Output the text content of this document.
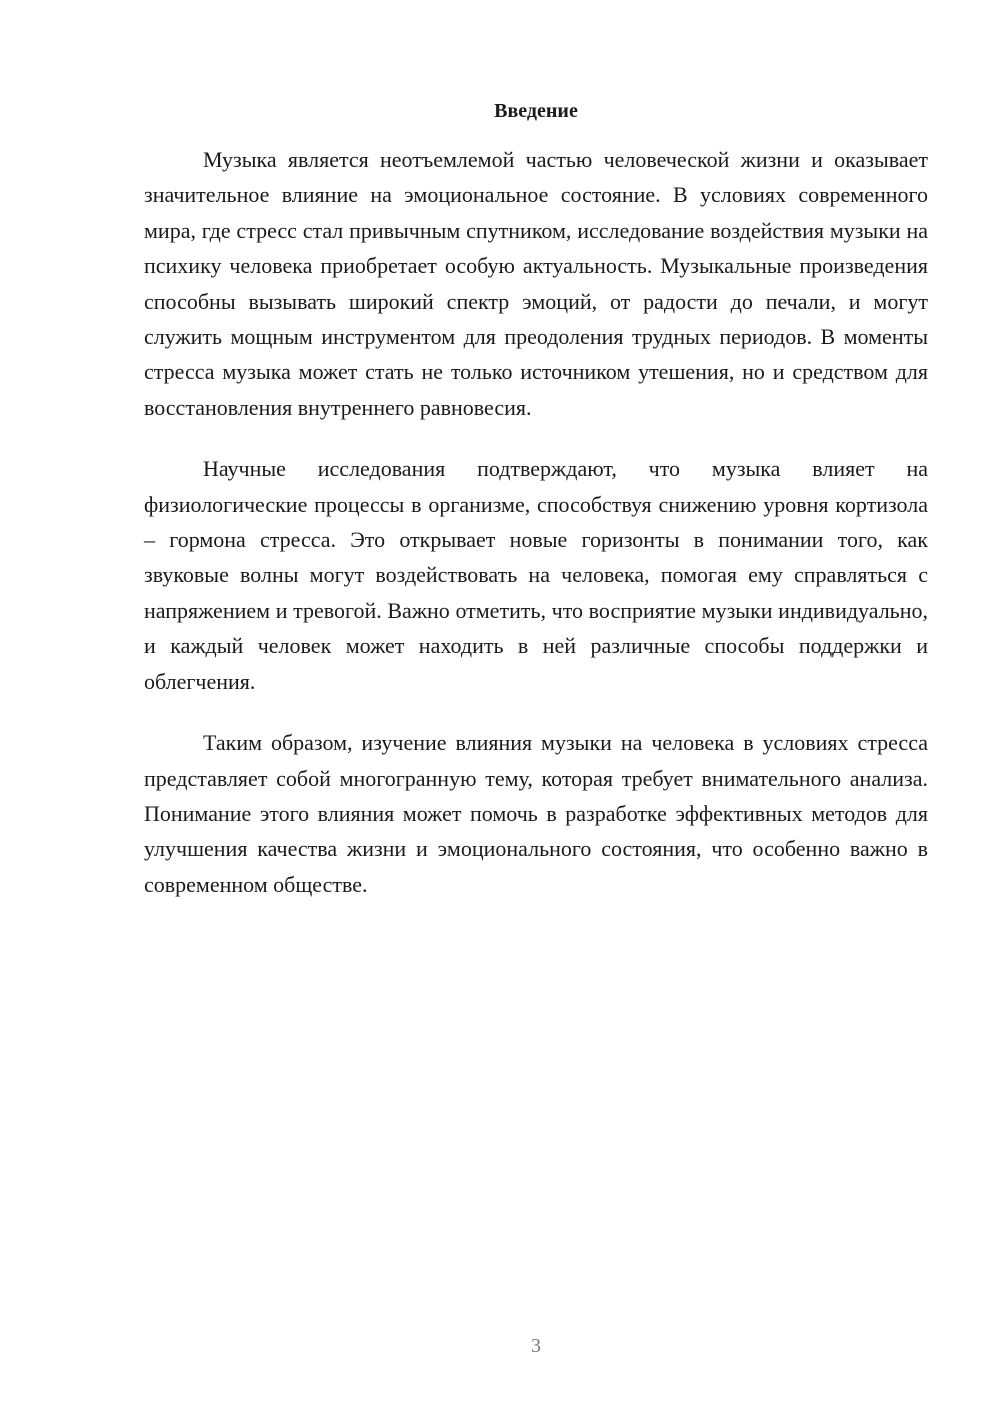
Введение

Музыка является неотъемлемой частью человеческой жизни и оказывает значительное влияние на эмоциональное состояние. В условиях современного мира, где стресс стал привычным спутником, исследование воздействия музыки на психику человека приобретает особую актуальность. Музыкальные произведения способны вызывать широкий спектр эмоций, от радости до печали, и могут служить мощным инструментом для преодоления трудных периодов. В моменты стресса музыка может стать не только источником утешения, но и средством для восстановления внутреннего равновесия.

Научные исследования подтверждают, что музыка влияет на физиологические процессы в организме, способствуя снижению уровня кортизола – гормона стресса. Это открывает новые горизонты в понимании того, как звуковые волны могут воздействовать на человека, помогая ему справляться с напряжением и тревогой. Важно отметить, что восприятие музыки индивидуально, и каждый человек может находить в ней различные способы поддержки и облегчения.

Таким образом, изучение влияния музыки на человека в условиях стресса представляет собой многогранную тему, которая требует внимательного анализа. Понимание этого влияния может помочь в разработке эффективных методов для улучшения качества жизни и эмоционального состояния, что особенно важно в современном обществе.

3
